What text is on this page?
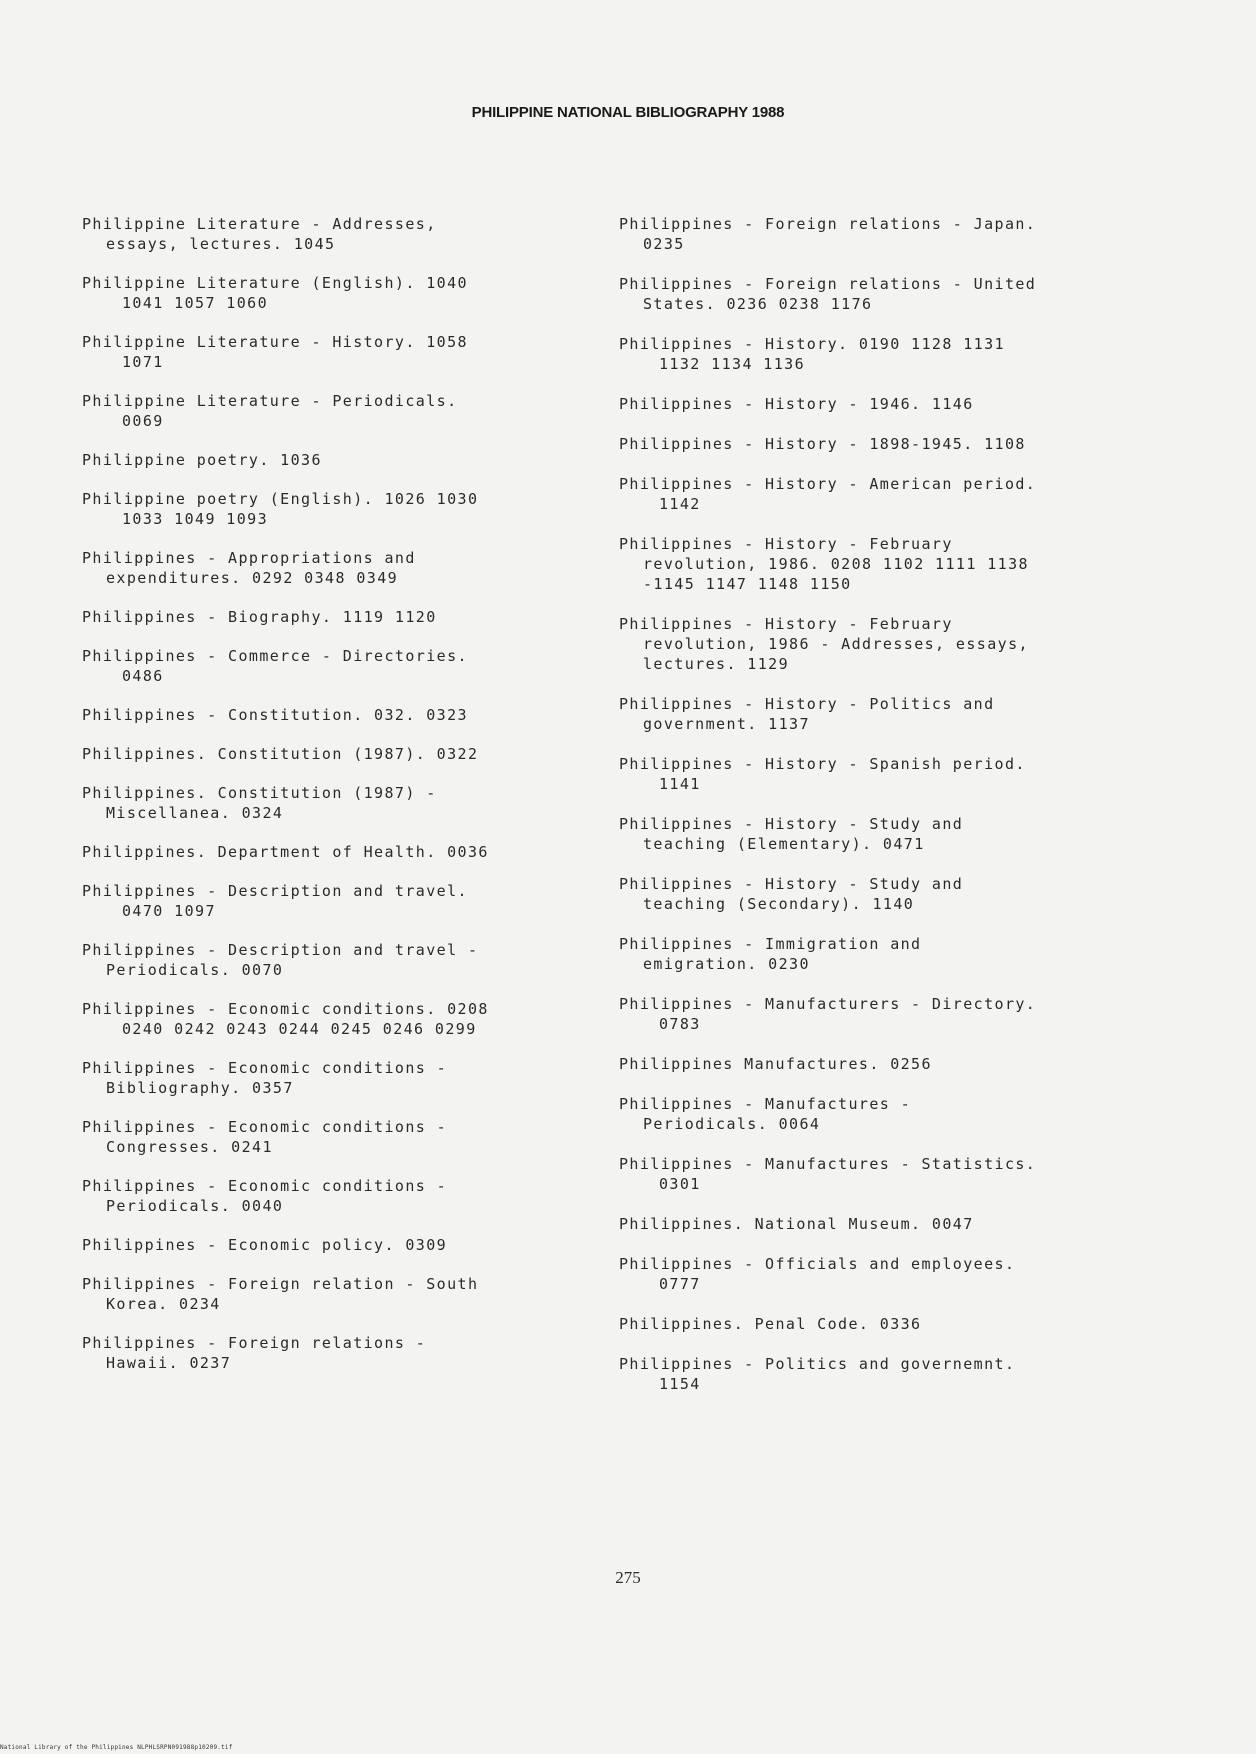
PHILIPPINE NATIONAL BIBLIOGRAPHY 1988
Philippine Literature - Addresses,
essays, lectures. 1045
Philippine Literature (English). 1040
1041 1057 1060
Philippine Literature - History. 1058
1071
Philippine Literature - Periodicals.
0069
Philippine poetry. 1036
Philippine poetry (English). 1026 1030
1033 1049 1093
Philippines - Appropriations and
expenditures. 0292 0348 0349
Philippines - Biography. 1119 1120
Philippines - Commerce - Directories.
0486
Philippines - Constitution. 032. 0323
Philippines. Constitution (1987). 0322
Philippines. Constitution (1987) -
Miscellanea. 0324
Philippines. Department of Health. 0036
Philippines - Description and travel.
0470 1097
Philippines - Description and travel -
Periodicals. 0070
Philippines - Economic conditions. 0208
0240 0242 0243 0244 0245 0246 0299
Philippines - Economic conditions -
Bibliography. 0357
Philippines - Economic conditions -
Congresses. 0241
Philippines - Economic conditions -
Periodicals. 0040
Philippines - Economic policy. 0309
Philippines - Foreign relation - South
Korea. 0234
Philippines - Foreign relations -
Hawaii. 0237
Philippines - Foreign relations - Japan.
0235
Philippines - Foreign relations - United
States. 0236 0238 1176
Philippines - History. 0190 1128 1131
1132 1134 1136
Philippines - History - 1946. 1146
Philippines - History - 1898-1945. 1108
Philippines - History - American period.
1142
Philippines - History - February
revolution, 1986. 0208 1102 1111 1138
-1145 1147 1148 1150
Philippines - History - February
revolution, 1986 - Addresses, essays,
lectures. 1129
Philippines - History - Politics and
government. 1137
Philippines - History - Spanish period.
1141
Philippines - History - Study and
teaching (Elementary). 0471
Philippines - History - Study and
teaching (Secondary). 1140
Philippines - Immigration and
emigration. 0230
Philippines - Manufacturers - Directory.
0783
Philippines Manufactures. 0256
Philippines - Manufactures -
Periodicals. 0064
Philippines - Manufactures - Statistics.
0301
Philippines. National Museum. 0047
Philippines - Officials and employees.
0777
Philippines. Penal Code. 0336
Philippines - Politics and governemnt.
1154
275
National Library of the Philippines NLPHLSRPN091988p10209.tif
